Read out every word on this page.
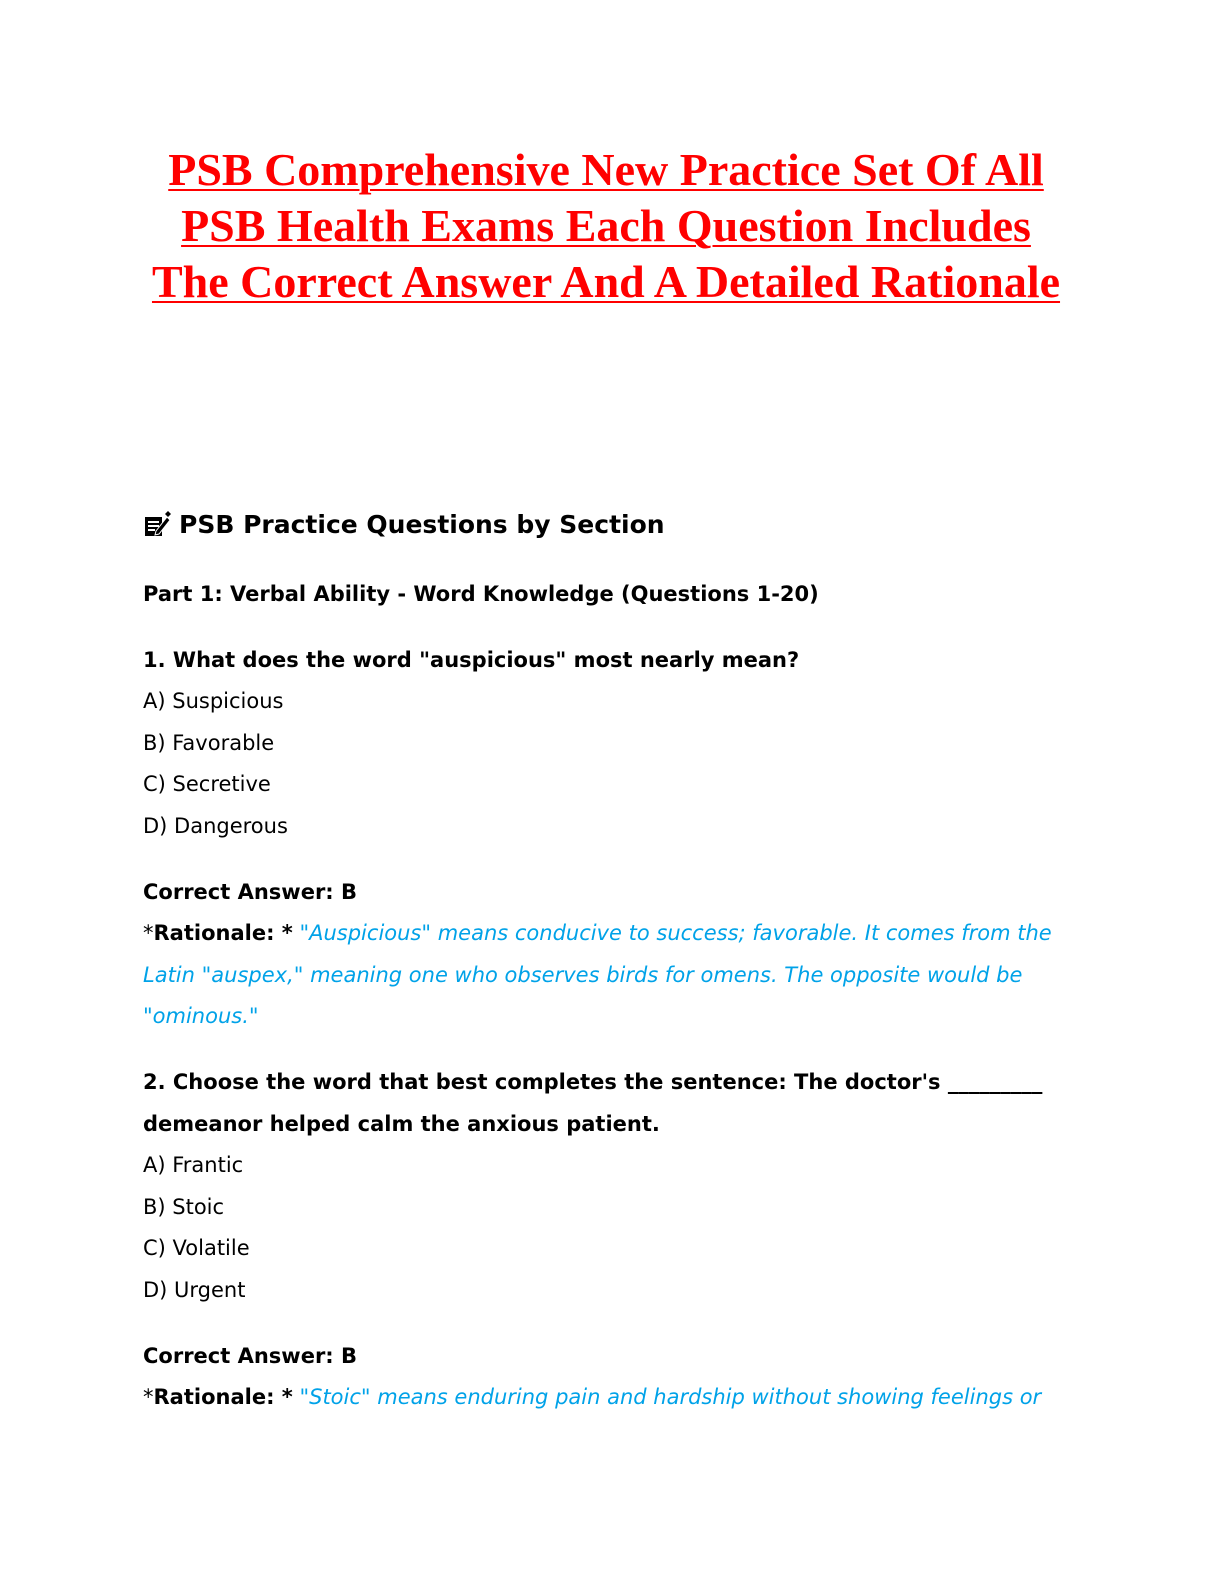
PSB Comprehensive New Practice Set Of All PSB Health Exams Each Question Includes The Correct Answer And A Detailed Rationale
PSB Practice Questions by Section

Part 1: Verbal Ability - Word Knowledge (Questions 1-20)

1. What does the word "auspicious" most nearly mean?

A) Suspicious

B) Favorable

C) Secretive

D) Dangerous

Correct Answer: B

*Rationale: * "Auspicious" means conducive to success; favorable. It comes from the Latin "auspex," meaning one who observes birds for omens. The opposite would be "ominous."

2. Choose the word that best completes the sentence: The doctor's _________ demeanor helped calm the anxious patient.

A) Frantic

B) Stoic

C) Volatile

D) Urgent

Correct Answer: B

*Rationale: * "Stoic" means enduring pain and hardship without showing feelings or
